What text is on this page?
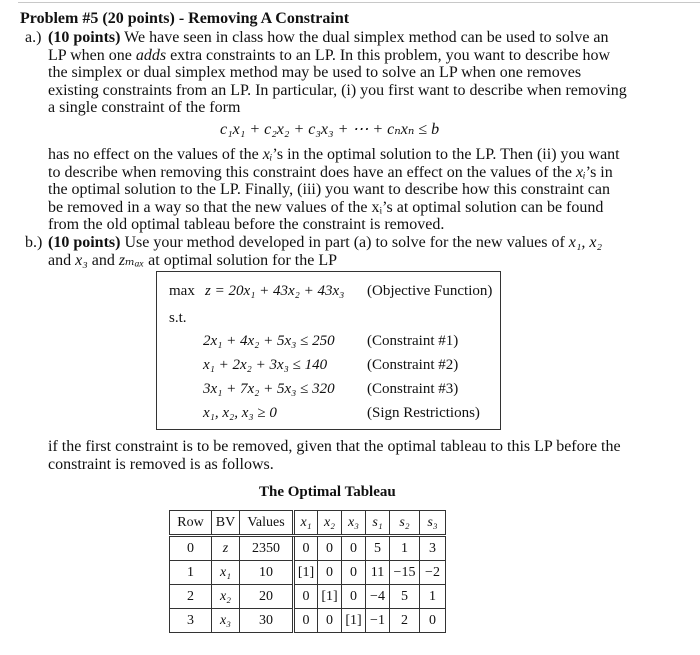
Problem #5 (20 points) - Removing A Constraint
a.) (10 points) We have seen in class how the dual simplex method can be used to solve an
LP when one adds extra constraints to an LP. In this problem, you want to describe how
the simplex or dual simplex method may be used to solve an LP when one removes
existing constraints from an LP. In particular, (i) you first want to describe when removing
a single constraint of the form
c₁x₁ + c₂x₂ + c₃x₃ + ⋯ + cₙxₙ ≤ b
has no effect on the values of the xᵢ’s in the optimal solution to the LP. Then (ii) you want
to describe when removing this constraint does have an effect on the values of the xᵢ’s in
the optimal solution to the LP. Finally, (iii) you want to describe how this constraint can
be removed in a way so that the new values of the xᵢ’s at optimal solution can be found
from the old optimal tableau before the constraint is removed.
b.) (10 points) Use your method developed in part (a) to solve for the new values of x₁, x₂
and x₃ and zₘₐₓ at optimal solution for the LP
max z = 20x₁ + 43x₂ + 43x₃ (Objective Function)
s.t.
2x₁ + 4x₂ + 5x₃ ≤ 250 (Constraint #1)
x₁ + 2x₂ + 3x₃ ≤ 140	(Constraint #2)
3x₁ + 7x₂ + 5x₃ ≤ 320 (Constraint #3)
x₁, x₂, x₃ ≥ 0	(Sign Restrictions)
if the first constraint is to be removed, given that the optimal tableau to this LP before the
constraint is removed is as follows.
The Optimal Tableau
Row	BV	Values	x₁	x₂	x₃	s₁	s₂	s₃
0	z	2350	0	0	0	5	1	3
1	x₁	10	[1]	0	0	11	−15	−2
2	x₂	20	0	[1]	0	−4	5	1
3	x₃	30	0	0	[1]	−1	2	0
